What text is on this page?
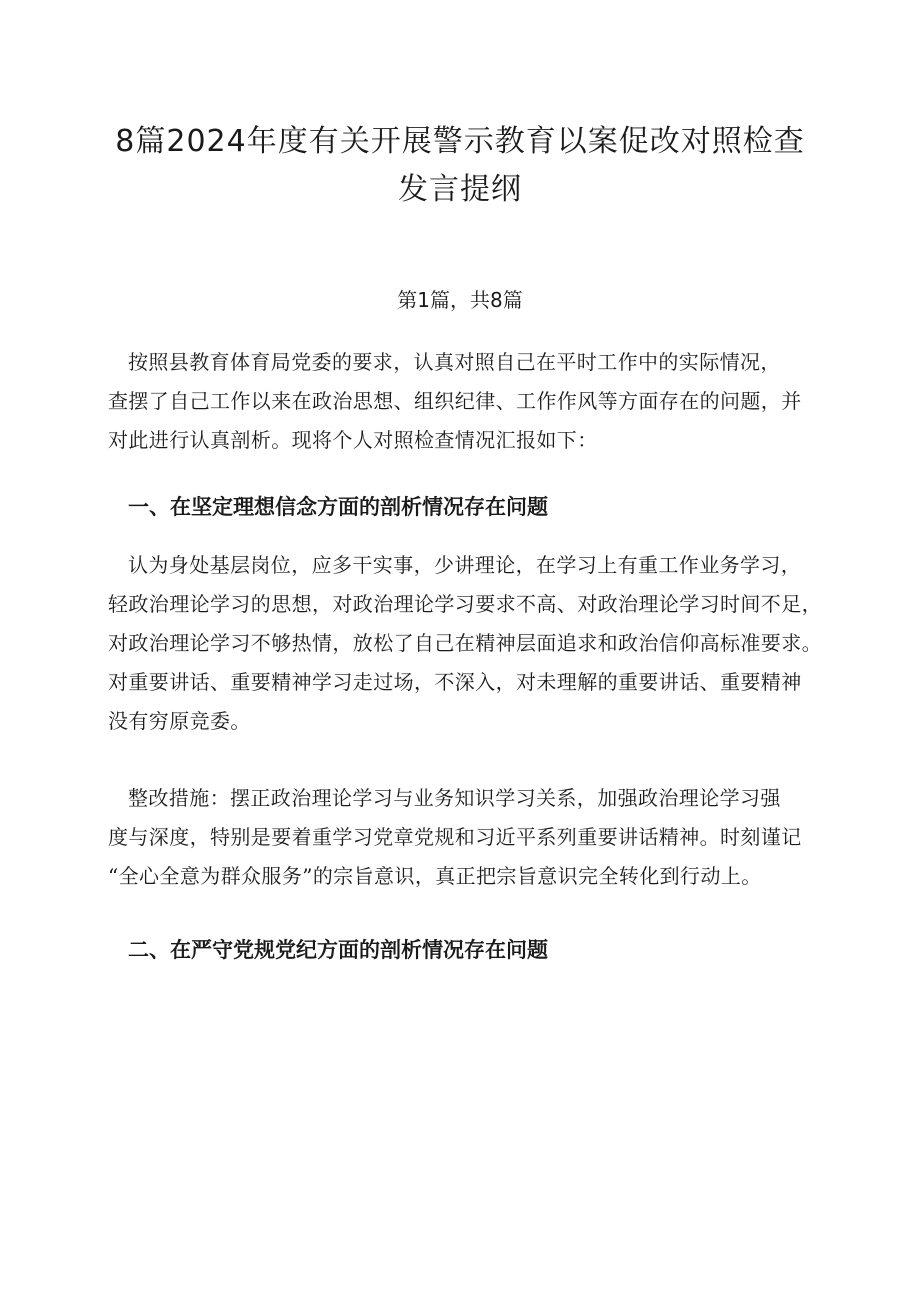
8篇2024年度有关开展警示教育以案促改对照检查
发言提纲

第1篇，共8篇

按照县教育体育局党委的要求，认真对照自己在平时工作中的实际情况，
查摆了自己工作以来在政治思想、组织纪律、工作作风等方面存在的问题，并
对此进行认真剖析。现将个人对照检查情况汇报如下：

一、在坚定理想信念方面的剖析情况存在问题

认为身处基层岗位，应多干实事，少讲理论，在学习上有重工作业务学习，
轻政治理论学习的思想，对政治理论学习要求不高、对政治理论学习时间不足，
对政治理论学习不够热情，放松了自己在精神层面追求和政治信仰高标准要求。
对重要讲话、重要精神学习走过场，不深入，对未理解的重要讲话、重要精神
没有穷原竞委。

整改措施：摆正政治理论学习与业务知识学习关系，加强政治理论学习强
度与深度，特别是要着重学习党章党规和习近平系列重要讲话精神。时刻谨记
“全心全意为群众服务”的宗旨意识，真正把宗旨意识完全转化到行动上。

二、在严守党规党纪方面的剖析情况存在问题
